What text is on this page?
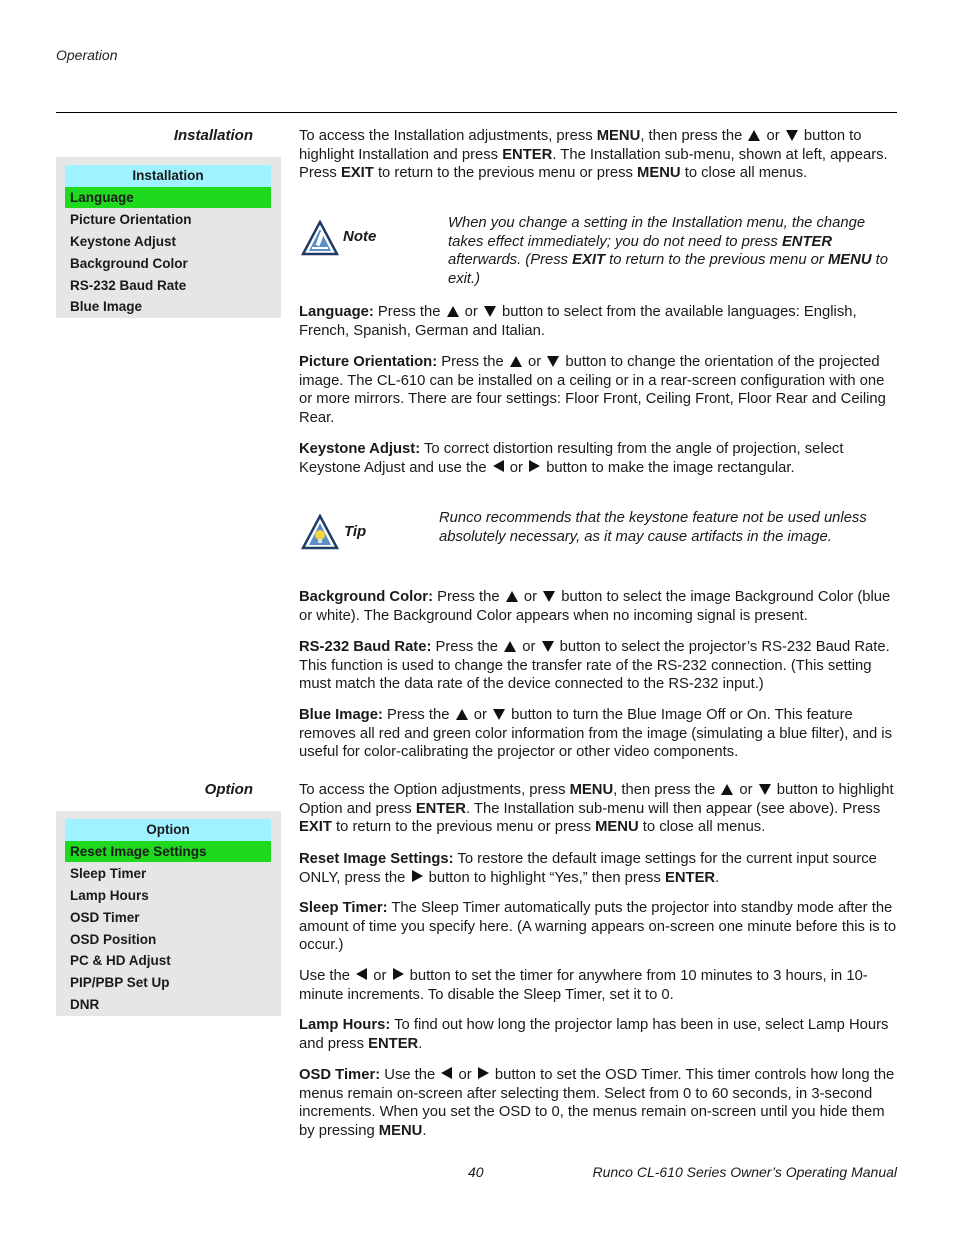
Operation
Installation
Installation
Language
Picture Orientation
Keystone Adjust
Background Color
RS-232 Baud Rate
Blue Image
To access the Installation adjustments, press MENU, then press the  or  button to highlight Installation and press ENTER. The Installation sub-menu, shown at left, appears. Press EXIT to return to the previous menu or press MENU to close all menus.
Note
When you change a setting in the Installation menu, the change takes effect immediately; you do not need to press ENTER afterwards. (Press EXIT to return to the previous menu or MENU to exit.)
Language: Press the  or  button to select from the available languages: English, French, Spanish, German and Italian.
Picture Orientation: Press the  or  button to change the orientation of the projected image. The CL-610 can be installed on a ceiling or in a rear-screen configuration with one or more mirrors. There are four settings: Floor Front, Ceiling Front, Floor Rear and Ceiling Rear.
Keystone Adjust: To correct distortion resulting from the angle of projection, select Keystone Adjust and use the  or  button to make the image rectangular.
Tip
Runco recommends that the keystone feature not be used unless absolutely necessary, as it may cause artifacts in the image.
Background Color: Press the  or  button to select the image Background Color (blue or white). The Background Color appears when no incoming signal is present.
RS-232 Baud Rate: Press the  or  button to select the projector’s RS-232 Baud Rate. This function is used to change the transfer rate of the RS-232 connection. (This setting must match the data rate of the device connected to the RS-232 input.)
Blue Image: Press the  or  button to turn the Blue Image Off or On. This feature removes all red and green color information from the image (simulating a blue filter), and is useful for color-calibrating the projector or other video components.
Option
Option
Reset Image Settings
Sleep Timer
Lamp Hours
OSD Timer
OSD Position
PC & HD Adjust
PIP/PBP Set Up
DNR
To access the Option adjustments, press MENU, then press the  or  button to highlight Option and press ENTER. The Installation sub-menu will then appear (see above). Press EXIT to return to the previous menu or press MENU to close all menus.
Reset Image Settings: To restore the default image settings for the current input source ONLY, press the  button to highlight “Yes,” then press ENTER.
Sleep Timer: The Sleep Timer automatically puts the projector into standby mode after the amount of time you specify here. (A warning appears on-screen one minute before this is to occur.)
Use the  or  button to set the timer for anywhere from 10 minutes to 3 hours, in 10-minute increments. To disable the Sleep Timer, set it to 0.
Lamp Hours: To find out how long the projector lamp has been in use, select Lamp Hours and press ENTER.
OSD Timer: Use the  or  button to set the OSD Timer. This timer controls how long the menus remain on-screen after selecting them. Select from 0 to 60 seconds, in 3-second increments. When you set the OSD to 0, the menus remain on-screen until you hide them by pressing MENU.
40	Runco CL-610 Series Owner’s Operating Manual
